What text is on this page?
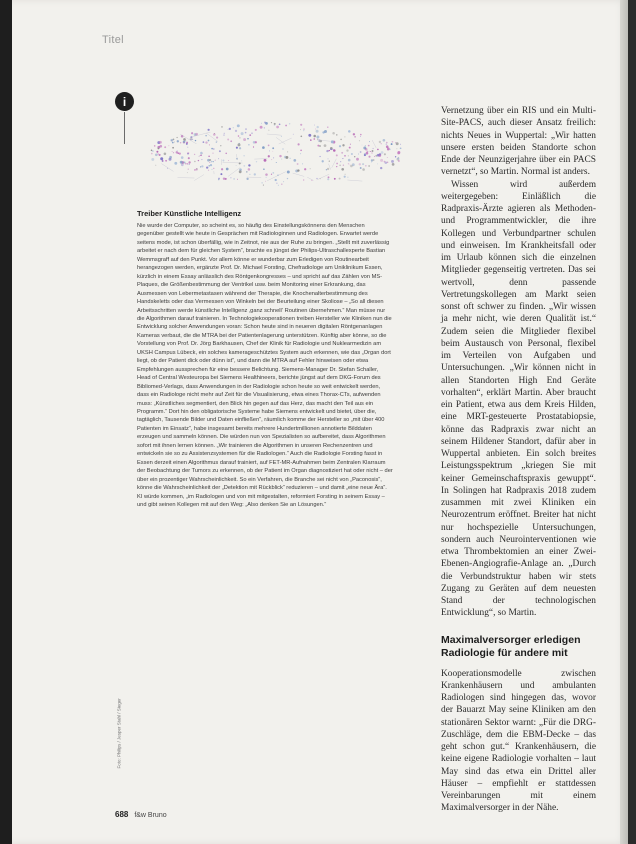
Titel
i
Treiber Künstliche Intelligenz

Nie wurde der Computer, so scheint es, so häufig des Einstellungskönnens den Menschen gegenüber gestellt wie heute in Gesprächen mit Radiologinnen und Radiologen. Erwartet werde seitens mode, ist schon überfällig, wie in Zeitnot, nie aus der Ruhe zu bringen. „Stellt mit zuverlässig arbeitet er nach dem für gleichen System“, brachte es jüngst der Philips-Ultraschallexperte Bastian Wemmsgraff auf den Punkt. Vor allem könne er wunderbar zum Erledigen von Routinearbeit herangezogen werden, ergänzte Prof. Dr. Michael Forsting, Chefradiologe am Uniklinikum Essen, kürzlich in einem Essay anlässlich des Röntgenkongresses – und spricht auf das Zählen von MS-Plaques, die Größenbestimmung der Ventrikel usw. beim Monitoring einer Erkrankung, das Ausmessen von Lebermetastasen während der Therapie, die Knochenalterbestimmung des Handskeletts oder das Vermessen von Winkeln bei der Beurteilung einer Skoliose – „So all diesen Arbeitsschritten werde künstliche Intelligenz ‚ganz schnell‘ Routinen übernehmen.“ Man müsse nur die Algorithmen darauf trainieren. In Technologiekooperationen treiben Hersteller wie Kliniken nun die Entwicklung solcher Anwendungen voran: Schon heute sind in neueren digitalen Röntgenanlagen Kameras verbaut, die die MTRA bei der Patientenlagerung unterstützen. Künftig aber könne, so die Vorstellung von Prof. Dr. Jörg Barkhausen, Chef der Klinik für Radiologie und Nuklearmedizin am UKSH Campus Lübeck, ein solches kamerageschütztes System auch erkennen, wie das „Organ dort liegt, ob der Patient dick oder dünn ist“, und dann die MTRA auf Fehler hinweisen oder etwa Empfehlungen aussprechen für eine bessere Belichtung. Siemens-Manager Dr. Stefan Schaller, Head of Central Westeuropa bei Siemens Healthineers, berichte jüngst auf dem DKG-Forum des Bibliomed-Verlags, dass Anwendungen in der Radiologie schon heute so weit entwickelt werden, dass ein Radiologe nicht mehr auf Zeit für die Visualisierung, etwa eines Thorax-CTs, aufwenden muss: „Künstliches segmentiert, den Blick hin gegen auf das Herz, das macht den Teil aus ein Programm.“ Dort hin den obligatorische Systeme habe Siemens entwickelt und bietet, über die, tagtäglich, Tausende Bilder und Daten einfließen“, räumlich komme der Hersteller so „mit über 400 Patienten im Einsatz“, habe insgesamt bereits mehrere Hundertmillionen annotierte Bilddaten erzeugen und sammeln können. Die würden nun von Spezialisten so aufbereitet, dass Algorithmen sofort mit ihnen lernen können. „Wir trainieren die Algorithmen in unseren Rechenzentren und entwickeln sie so zu Assistenzsystemen für die Radiologen.“ Auch die Radiologie Forsting fasst in Essen derzeit einen Algorithmus darauf trainiert, auf FET-MR-Aufnahmen beim Zentralen Klarraum der Beobachtung der Tumors zu erkennen, ob der Patient im Organ diagnostiziert hat oder nicht – der über ein prozentiger Wahrscheinlichkeit. So ein Verfahren, die Branche sei nicht von „Paconosis“, könne die Wahrscheinlichkeit der „Detektion mit Rückblick“ reduzieren – und damit „eine neue Ära“. KI würde kommen, „im Radiologen und von mit mitgestalten, reformiert Forsting in seinem Essay – und gibt seinen Kollegen mit auf den Weg: „Also denken Sie an Lösungen.“

Foto: Philips / Jesper Stahl / Sieger

Vernetzung über ein RIS und ein Multi-Site-PACS, auch dieser Ansatz freilich: nichts Neues in Wuppertal: „Wir hatten unsere ersten beiden Standorte schon Ende der Neunzigerjahre über ein PACS vernetzt“, so Martin. Normal ist anders.

Wissen wird außerdem weitergegeben: Einläßlich die Radpraxis-Ärzte agieren als Methoden- und Programmentwickler, die ihre Kollegen und Verbundpartner schulen und einweisen. Im Krankheitsfall oder im Urlaub können sich die einzelnen Mitglieder gegenseitig vertreten. Das sei wertvoll, denn passende Vertretungskollegen am Markt seien sonst oft schwer zu finden. „Wir wissen ja mehr nicht, wie deren Qualität ist.“ Zudem seien die Mitglieder flexibel beim Austausch von Personal, flexibel im Verteilen von Aufgaben und Untersuchungen. „Wir können nicht in allen Standorten High End Geräte vorhalten“, erklärt Martin. Aber braucht ein Patient, etwa aus dem Kreis Hilden, eine MRT-gesteuerte Prostatabiopsie, könne das Radpraxis zwar nicht an seinem Hildener Standort, dafür aber in Wuppertal anbieten. Ein solch breites Leistungsspektrum „kriegen Sie mit keiner Gemeinschaftspraxis gewuppt“. In Solingen hat Radpraxis 2018 zudem zusammen mit zwei Kliniken ein Neurozentrum eröffnet. Breiter hat nicht nur hochspezielle Untersuchungen, sondern auch Neurointerventionen wie etwa Thrombektomien an einer Zwei-Ebenen-Angiografie-Anlage an. „Durch die Verbundstruktur haben wir stets Zugang zu Geräten auf dem neuesten Stand der technologischen Entwicklung“, so Martin.

Maximalversorger erledigen Radiologie für andere mit

Kooperationsmodelle zwischen Krankenhäusern und ambulanten Radiologen sind hingegen das, wovor der Bauarzt May seine Kliniken am den stationären Sektor warnt: „Für die DRG-Zuschläge, dem die EBM-Decke – das geht schon gut.“ Krankenhäusern, die keine eigene Radiologie vorhalten – laut May sind das etwa ein Drittel aller Häuser – empfiehlt er stattdessen Vereinbarungen mit einem Maximalversorger in der Nähe.

688 f&w Bruno
